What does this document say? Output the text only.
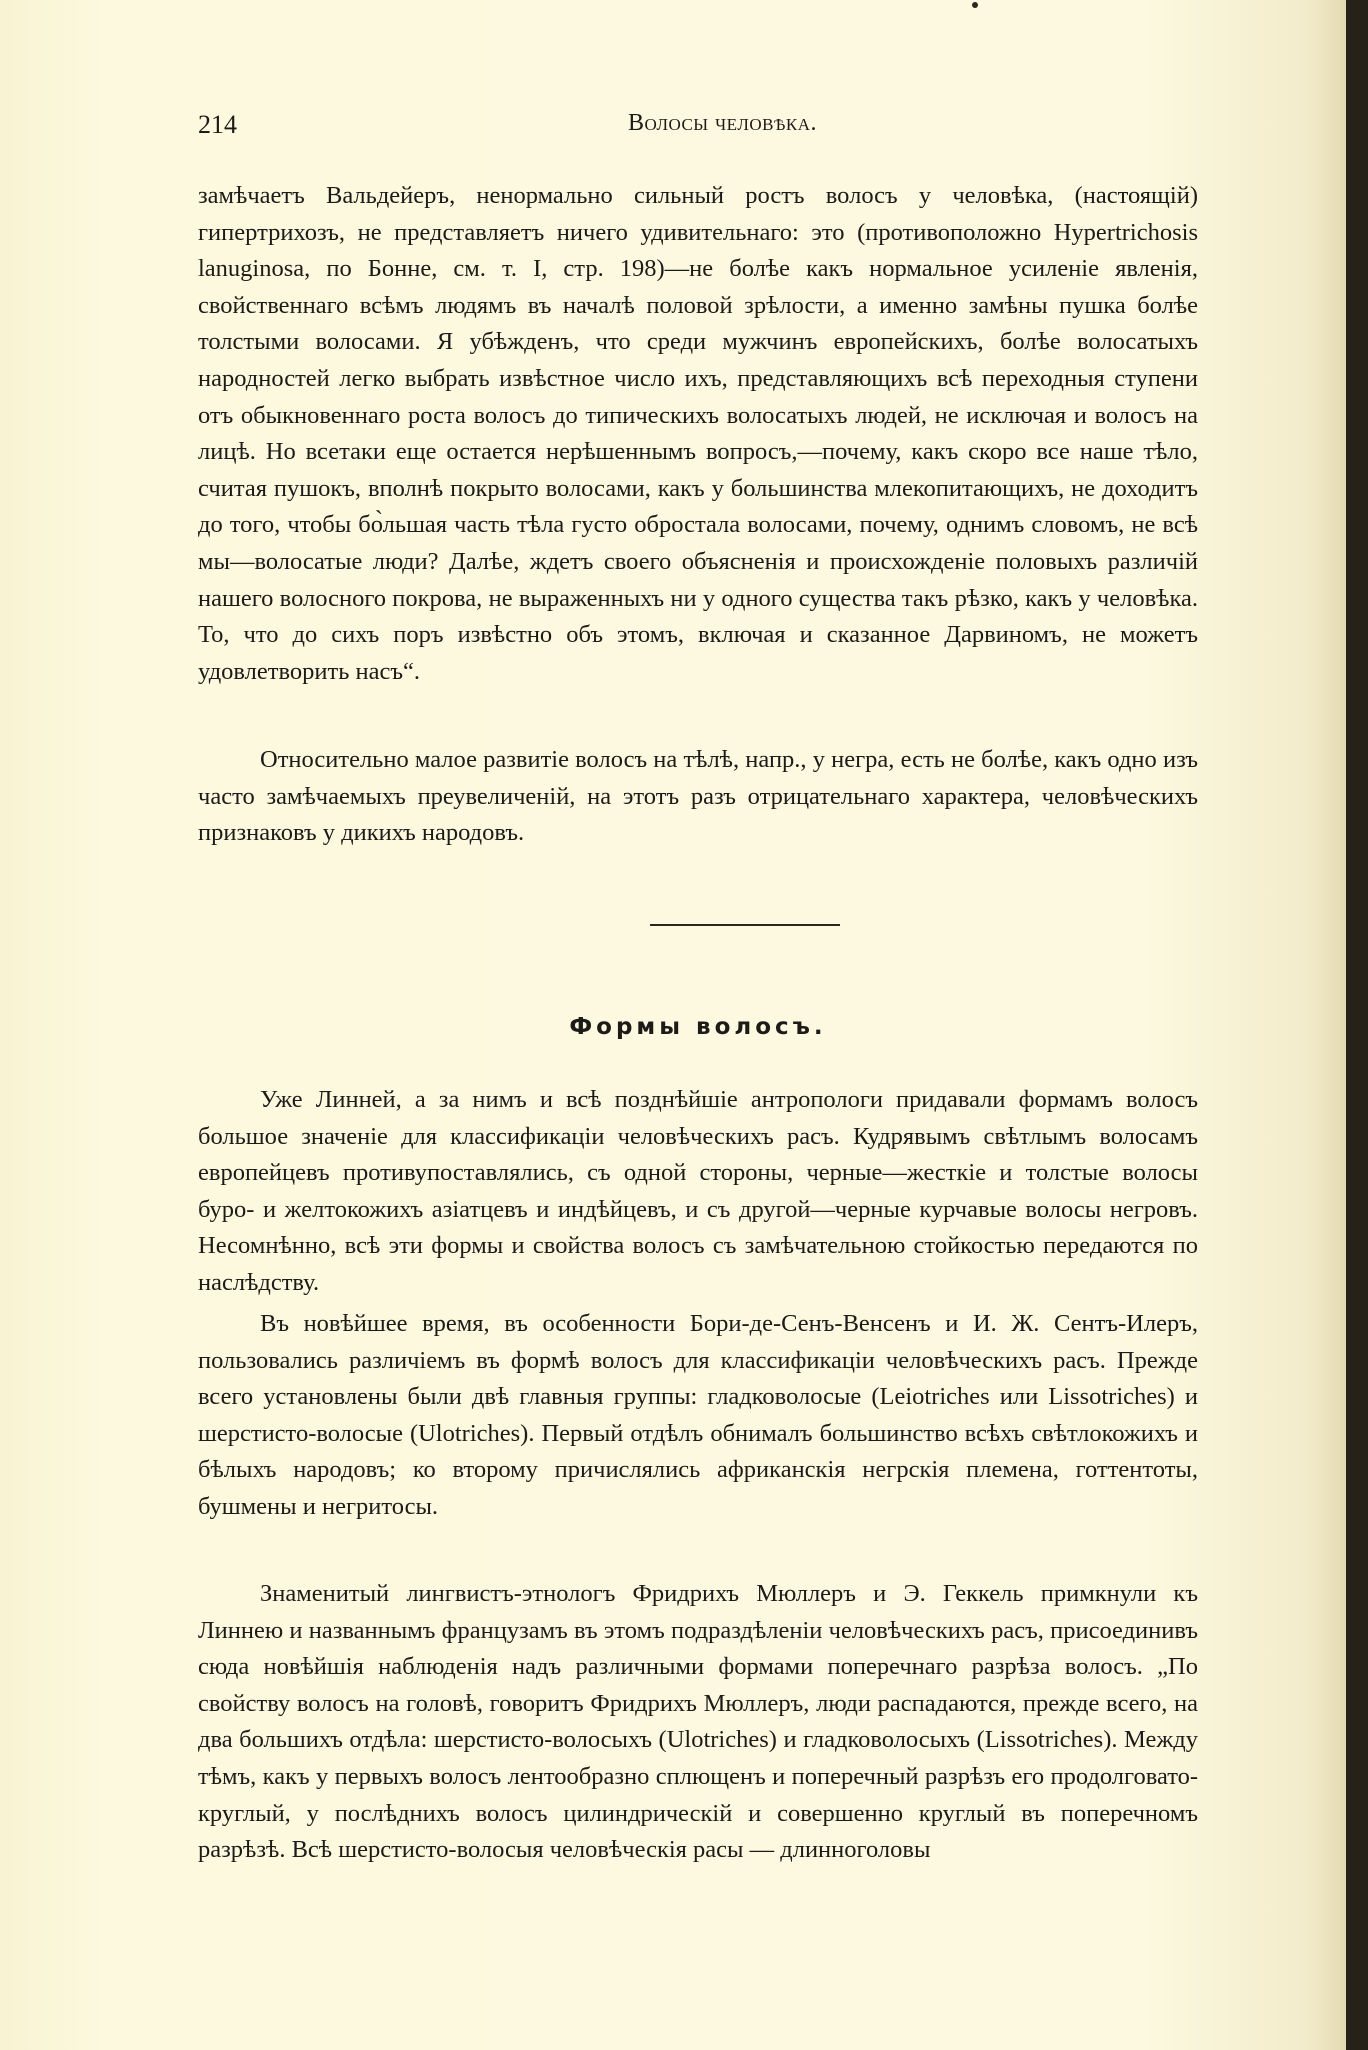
214	Волосы человѣка.

замѣчаетъ Вальдейеръ, ненормально сильный ростъ волосъ у человѣка, (настоящій) гипертрихозъ, не представляетъ ничего удивительнаго: это (противоположно Hypertrichosis lanuginosa, по Бонне, см. т. I, стр. 198)—не болѣе какъ нормальное усиленіе явленія, свойственнаго всѣмъ людямъ въ началѣ половой зрѣлости, а именно замѣны пушка болѣе толстыми волосами. Я убѣжденъ, что среди мужчинъ европейскихъ, болѣе волосатыхъ народностей легко выбрать извѣстное число ихъ, представляющихъ всѣ переходныя ступени отъ обыкновеннаго роста волосъ до типическихъ волосатыхъ людей, не исключая и волосъ на лицѣ. Но всетаки еще остается нерѣшеннымъ вопросъ,—почему, какъ скоро все наше тѣло, считая пушокъ, вполнѣ покрыто волосами, какъ у большинства млекопитающихъ, не доходитъ до того, чтобы бо̀льшая часть тѣла густо обростала волосами, почему, однимъ словомъ, не всѣ мы—волосатые люди? Далѣе, ждетъ своего объясненія и происхожденіе половыхъ различій нашего волосного покрова, не выраженныхъ ни у одного существа такъ рѣзко, какъ у человѣка. То, что до сихъ поръ извѣстно объ этомъ, включая и сказанное Дарвиномъ, не можетъ удовлетворить насъ“.

Относительно малое развитіе волосъ на тѣлѣ, напр., у негра, есть не болѣе, какъ одно изъ часто замѣчаемыхъ преувеличеній, на этотъ разъ отрицательнаго характера, человѣческихъ признаковъ у дикихъ народовъ.

Формы волосъ.

Уже Линней, а за нимъ и всѣ позднѣйшіе антропологи придавали формамъ волосъ большое значеніе для классификаціи человѣческихъ расъ. Кудрявымъ свѣтлымъ волосамъ европейцевъ противупоставлялись, съ одной стороны, черные—жесткіе и толстые волосы буро- и желтокожихъ азіатцевъ и индѣйцевъ, и съ другой—черные курчавые волосы негровъ. Несомнѣнно, всѣ эти формы и свойства волосъ съ замѣчательною стойкостью передаются по наслѣдству.

Въ новѣйшее время, въ особенности Бори-де-Сенъ-Венсенъ и И. Ж. Сентъ-Илеръ, пользовались различіемъ въ формѣ волосъ для классификаціи человѣческихъ расъ. Прежде всего установлены были двѣ главныя группы: гладковолосые (Leiotriches или Lissotriches) и шерстисто-волосые (Ulotriches). Первый отдѣлъ обнималъ большинство всѣхъ свѣтлокожихъ и бѣлыхъ народовъ; ко второму причислялись африканскія негрскія племена, готтентоты, бушмены и негритосы.

Знаменитый лингвистъ-этнологъ Фридрихъ Мюллеръ и Э. Геккель примкнули къ Линнею и названнымъ французамъ въ этомъ подраздѣленіи человѣческихъ расъ, присоединивъ сюда новѣйшія наблюденія надъ различными формами поперечнаго разрѣза волосъ. „По свойству волосъ на головѣ, говоритъ Фридрихъ Мюллеръ, люди распадаются, прежде всего, на два большихъ отдѣла: шерстисто-волосыхъ (Ulotriches) и гладковолосыхъ (Lissotriches). Между тѣмъ, какъ у первыхъ волосъ лентообразно сплющенъ и поперечный разрѣзъ его продолговато-круглый, у послѣднихъ волосъ цилиндрическій и совершенно круглый въ поперечномъ разрѣзѣ. Всѣ шерстисто-волосыя человѣческія расы — длинноголовы
